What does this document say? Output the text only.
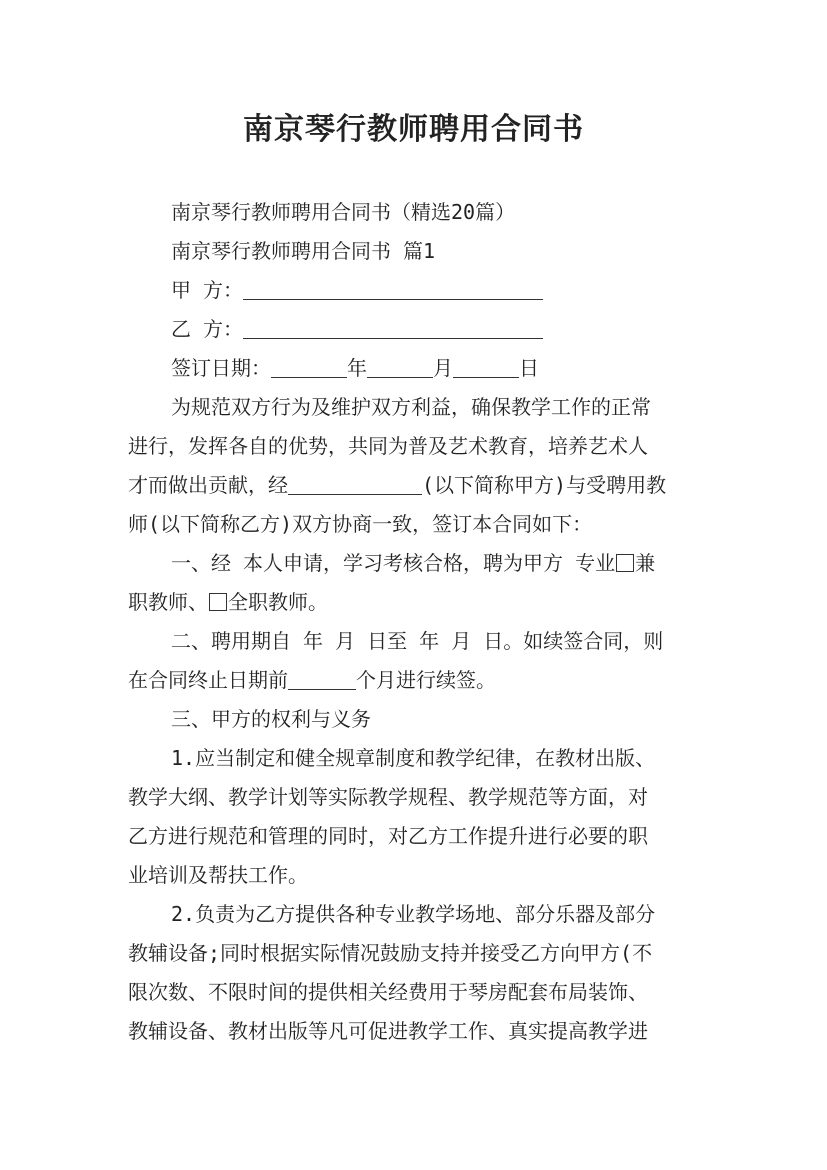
南京琴行教师聘用合同书
南京琴行教师聘用合同书（精选20篇）
南京琴行教师聘用合同书 篇1
甲 方：
乙 方：
签订日期：	年	月	日
为规范双方行为及维护双方利益，确保教学工作的正常
进行，发挥各自的优势，共同为普及艺术教育，培养艺术人
才而做出贡献，经	(以下简称甲方)与受聘用教
师(以下简称乙方)双方协商一致，签订本合同如下：
一、经 本人申请，学习考核合格，聘为甲方 专业 兼
职教师、 全职教师。
二、聘用期自 年 月 日至 年 月 日。如续签合同，则
在合同终止日期前	个月进行续签。
三、甲方的权利与义务
1.应当制定和健全规章制度和教学纪律，在教材出版、
教学大纲、教学计划等实际教学规程、教学规范等方面，对
乙方进行规范和管理的同时，对乙方工作提升进行必要的职
业培训及帮扶工作。
2.负责为乙方提供各种专业教学场地、部分乐器及部分
教辅设备;同时根据实际情况鼓励支持并接受乙方向甲方(不
限次数、不限时间的提供相关经费用于琴房配套布局装饰、
教辅设备、教材出版等凡可促进教学工作、真实提高教学进
